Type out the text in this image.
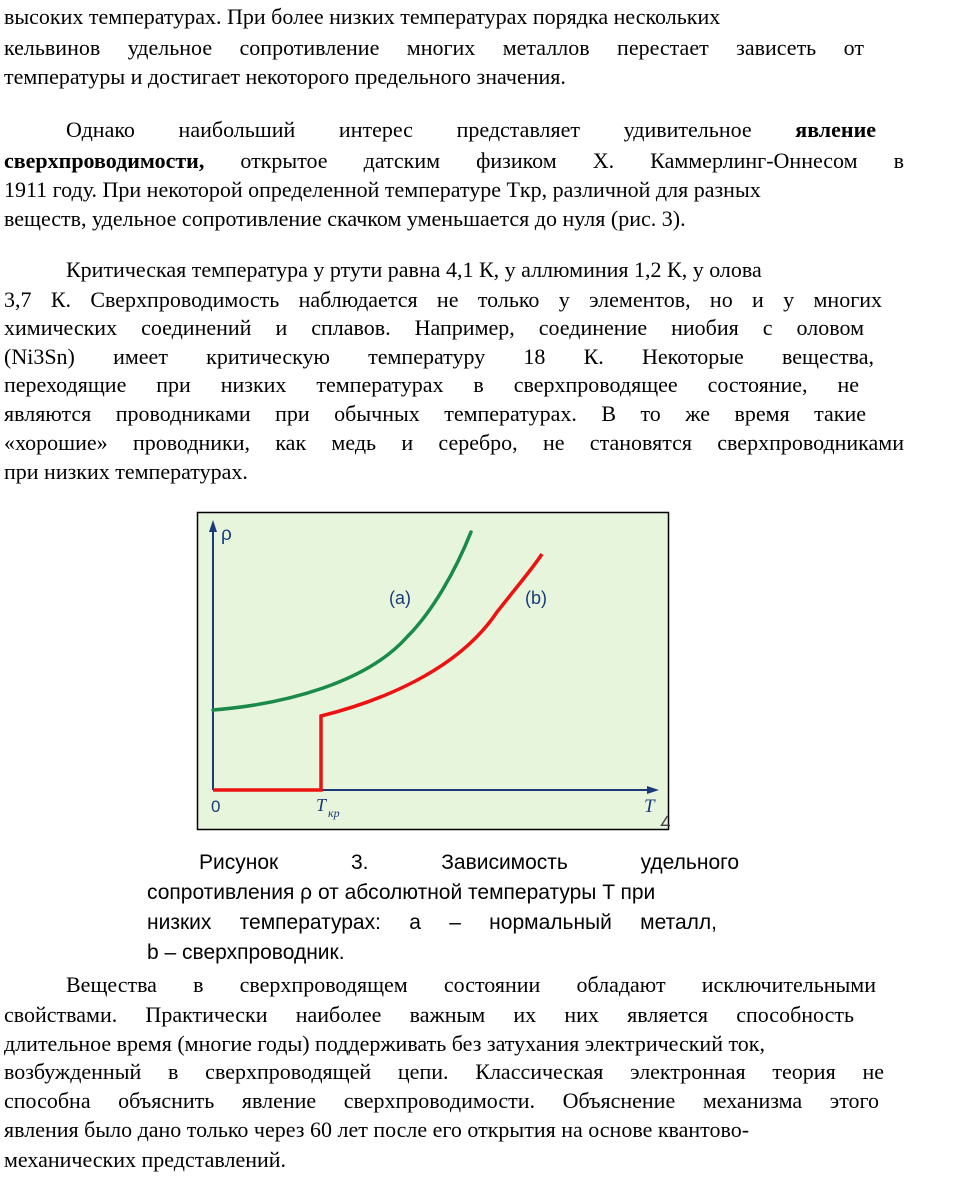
высоких температурах. При более низких температурах порядка нескольких
кельвинов удельное сопротивление многих металлов перестает зависеть от
температуры и достигает некоторого предельного значения.
Однако наибольший интерес представляет удивительное явление
сверхпроводимости, открытое датским физиком Х. Каммерлинг-Оннесом в
1911 году. При некоторой определенной температуре Tкр, различной для разных
веществ, удельное сопротивление скачком уменьшается до нуля (рис. 3).
Критическая температура у ртути равна 4,1 К, у аллюминия 1,2 К, у олова
3,7 К. Сверхпроводимость наблюдается не только у элементов, но и у многих
химических соединений и сплавов. Например, соединение ниобия с оловом
(Ni3Sn) имеет критическую температуру 18 К. Некоторые вещества,
переходящие при низких температурах в сверхпроводящее состояние, не
являются проводниками при обычных температурах. В то же время такие
«хорошие» проводники, как медь и серебро, не становятся сверхпроводниками
при низких температурах.
ρ
0	T
∠
T кр
(a)	(b)
Рисунок 3. Зависимость удельного
сопротивления ρ от абсолютной температуры T при
низких температурах: a – нормальный металл,
b – сверхпроводник.
Вещества в сверхпроводящем состоянии обладают исключительными
свойствами. Практически наиболее важным их них является способность
длительное время (многие годы) поддерживать без затухания электрический ток,
возбужденный в сверхпроводящей цепи. Классическая электронная теория не
способна объяснить явление сверхпроводимости. Объяснение механизма этого
явления было дано только через 60 лет после его открытия на основе квантово-
механических представлений.
